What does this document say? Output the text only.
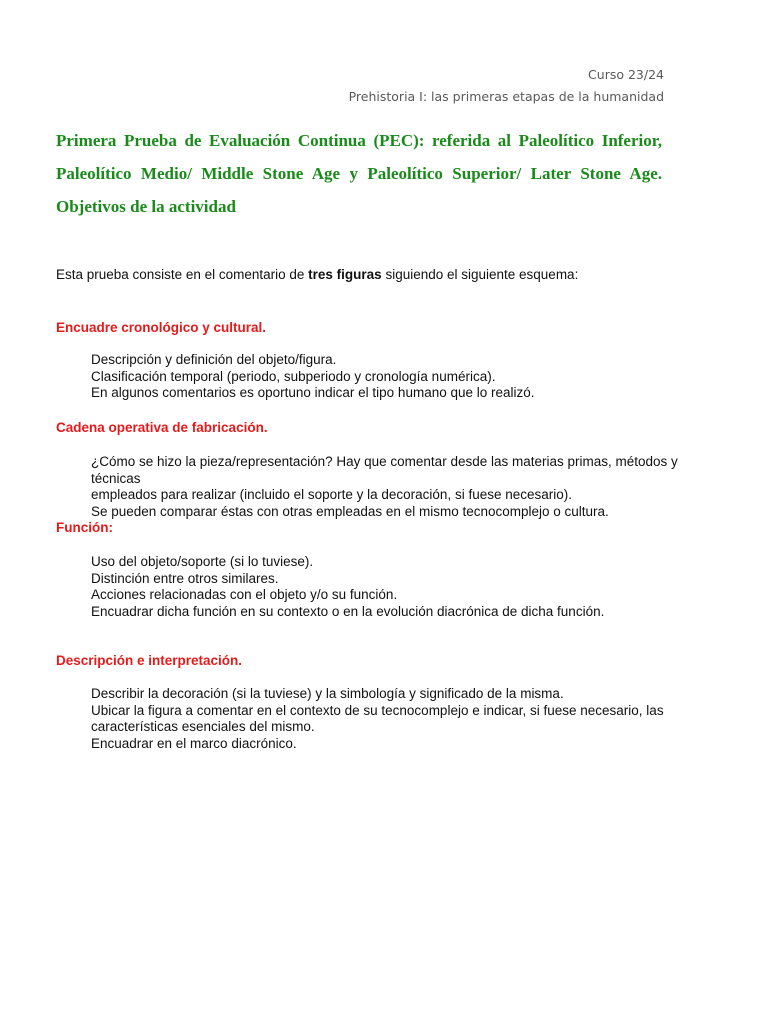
Curso 23/24
Prehistoria I: las primeras etapas de la humanidad
Primera Prueba de Evaluación Continua (PEC): referida al Paleolítico Inferior, Paleolítico Medio/ Middle Stone Age y Paleolítico Superior/ Later Stone Age. Objetivos de la actividad
Esta prueba consiste en el comentario de tres figuras siguiendo el siguiente esquema:
Encuadre cronológico y cultural.
Descripción y definición del objeto/figura.
Clasificación temporal (periodo, subperiodo y cronología numérica).
En algunos comentarios es oportuno indicar el tipo humano que lo realizó.
Cadena operativa de fabricación.
¿Cómo se hizo la pieza/representación? Hay que comentar desde las materias primas, métodos y técnicas
empleados para realizar (incluido el soporte y la decoración, si fuese necesario).
Se pueden comparar éstas con otras empleadas en el mismo tecnocomplejo o cultura.
Función:
Uso del objeto/soporte (si lo tuviese).
Distinción entre otros similares.
Acciones relacionadas con el objeto y/o su función.
Encuadrar dicha función en su contexto o en la evolución diacrónica de dicha función.
Descripción e interpretación.
Describir la decoración (si la tuviese) y la simbología y significado de la misma.
Ubicar la figura a comentar en el contexto de su tecnocomplejo e indicar, si fuese necesario, las
características esenciales del mismo.
Encuadrar en el marco diacrónico.
